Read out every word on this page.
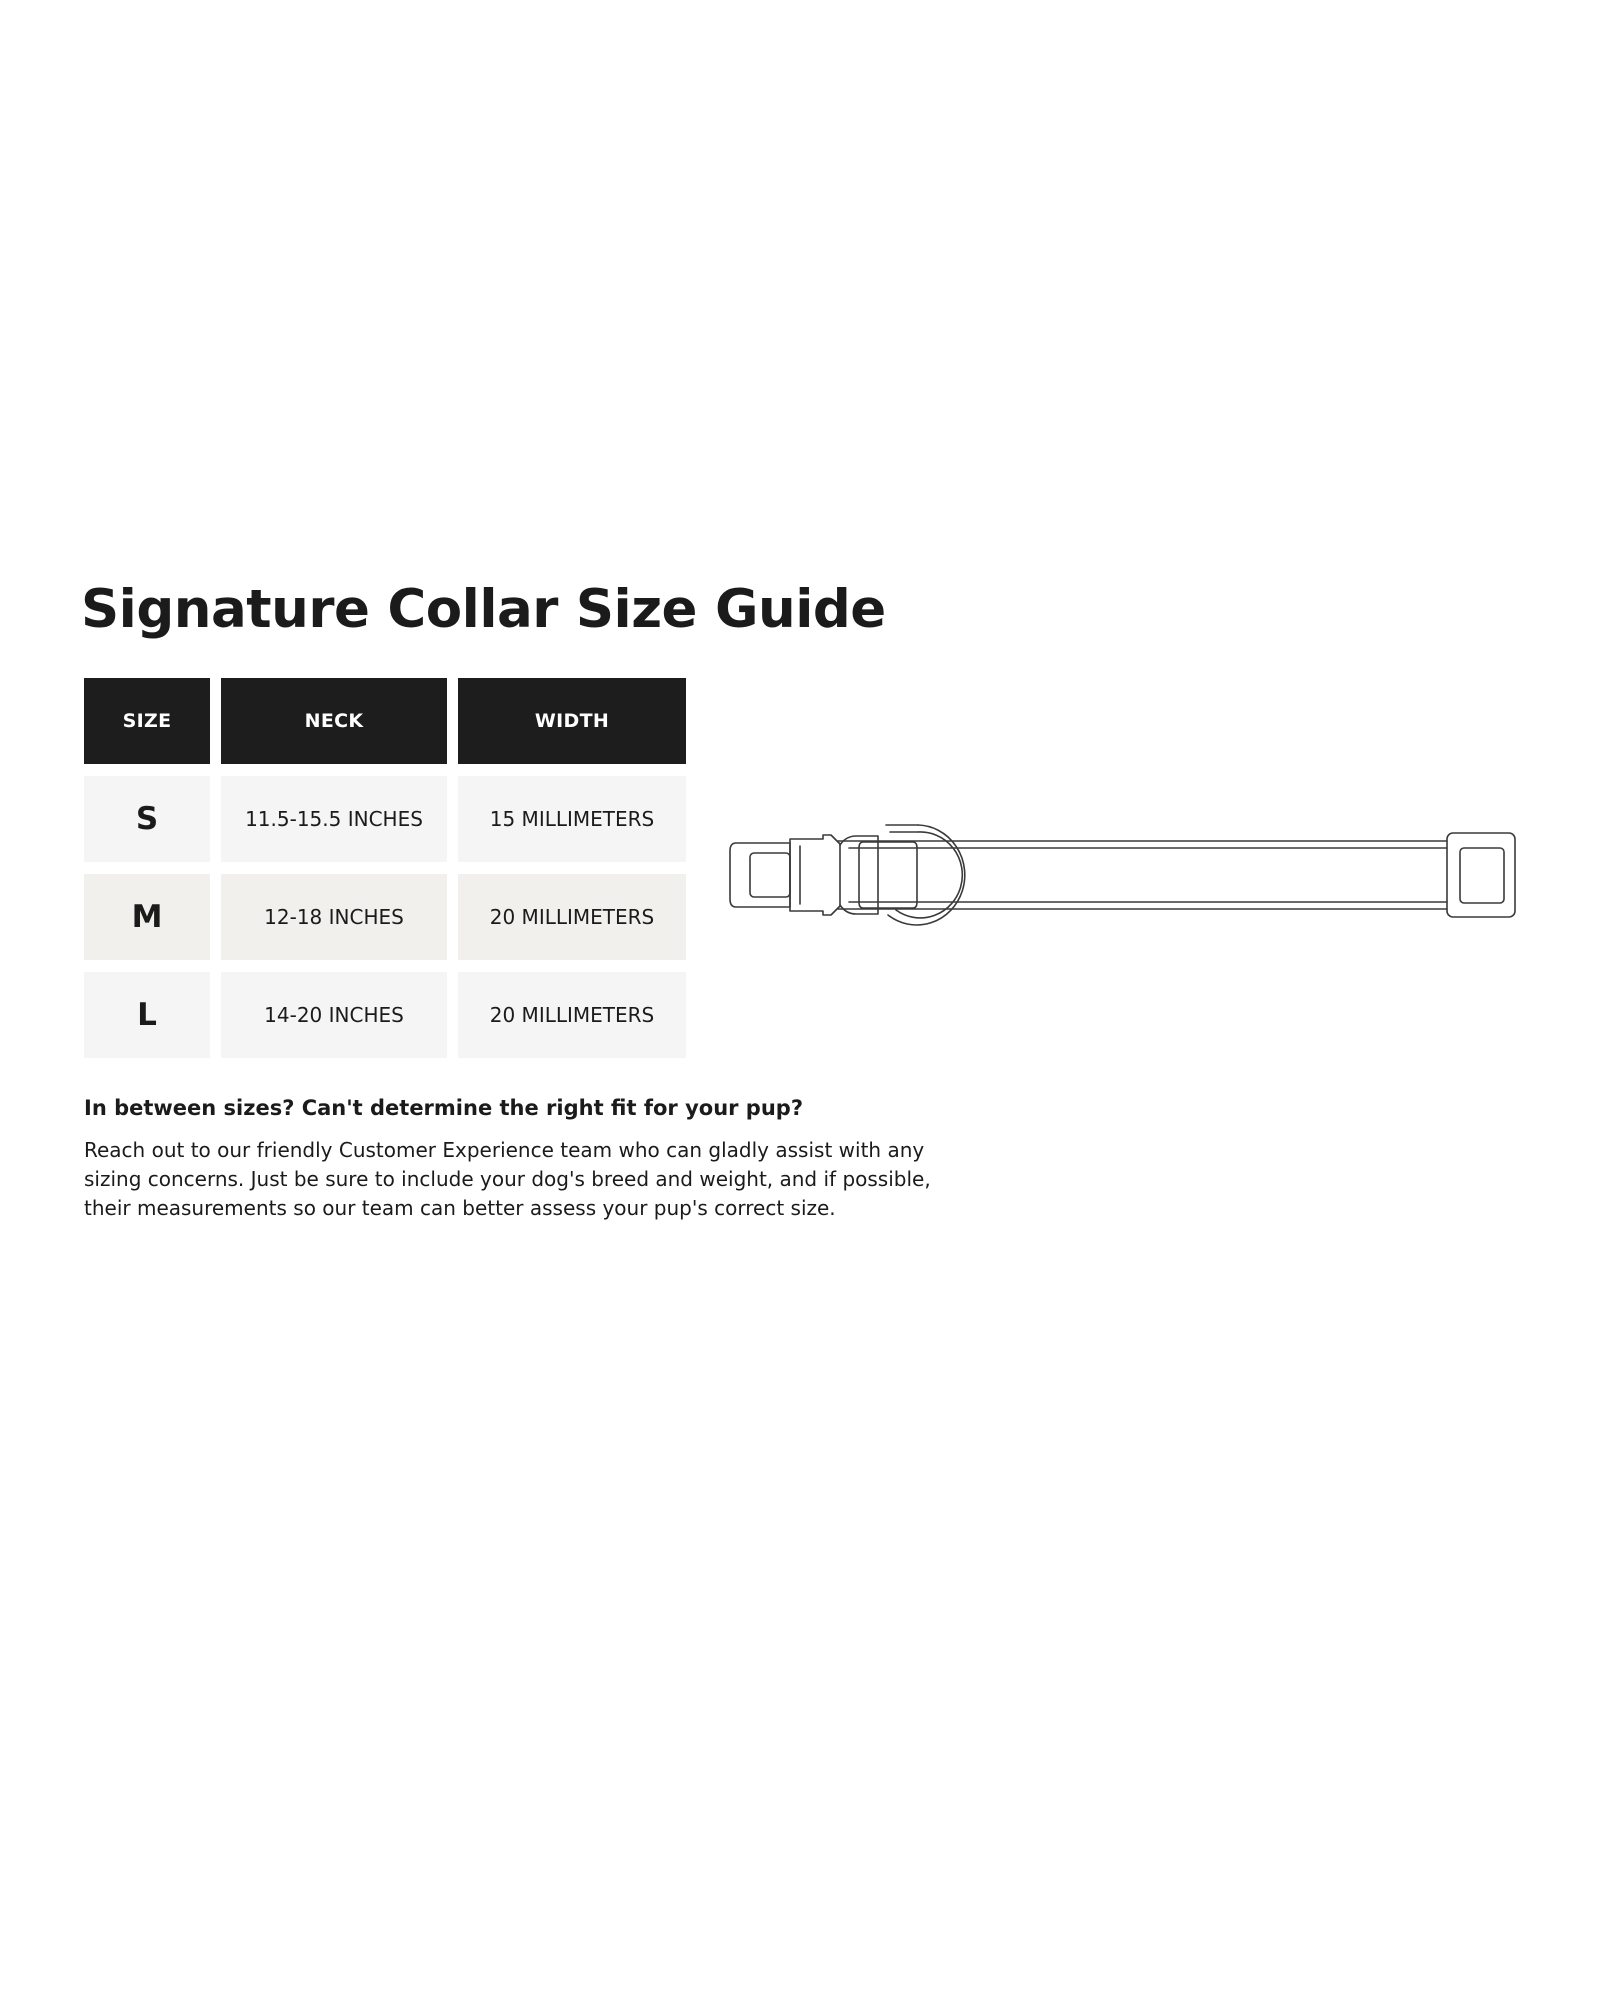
Signature Collar Size Guide
SIZE	NECK	WIDTH
S	11.5-15.5 INCHES	15 MILLIMETERS
M	12-18 INCHES	20 MILLIMETERS
L	14-20 INCHES	20 MILLIMETERS

In between sizes? Can't determine the right fit for your pup?

Reach out to our friendly Customer Experience team who can gladly assist with any sizing concerns. Just be sure to include your dog's breed and weight, and if possible, their measurements so our team can better assess your pup's correct size.
